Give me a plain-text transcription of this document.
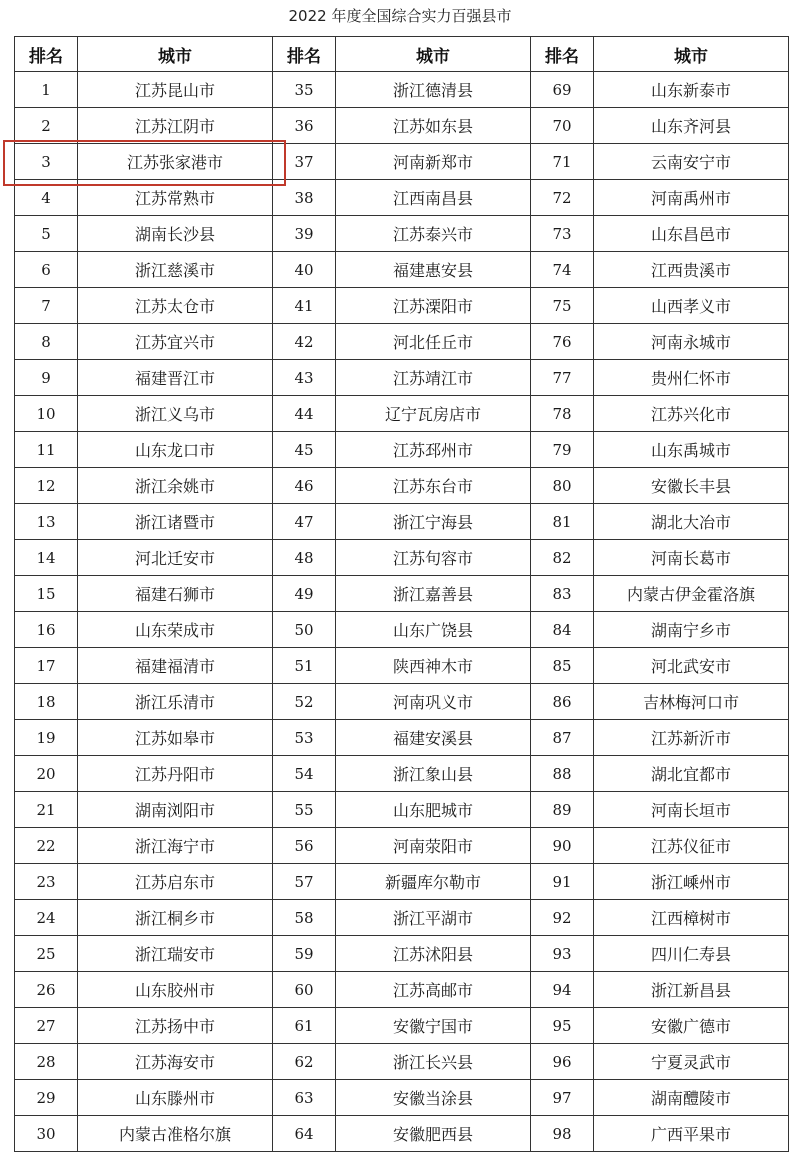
2022 年度全国综合实力百强县市
排名	城市	排名	城市	排名	城市
1	江苏昆山市	35	浙江德清县	69	山东新泰市
2	江苏江阴市	36	江苏如东县	70	山东齐河县
3	江苏张家港市	37	河南新郑市	71	云南安宁市
4	江苏常熟市	38	江西南昌县	72	河南禹州市
5	湖南长沙县	39	江苏泰兴市	73	山东昌邑市
6	浙江慈溪市	40	福建惠安县	74	江西贵溪市
7	江苏太仓市	41	江苏溧阳市	75	山西孝义市
8	江苏宜兴市	42	河北任丘市	76	河南永城市
9	福建晋江市	43	江苏靖江市	77	贵州仁怀市
10	浙江义乌市	44	辽宁瓦房店市	78	江苏兴化市
11	山东龙口市	45	江苏邳州市	79	山东禹城市
12	浙江余姚市	46	江苏东台市	80	安徽长丰县
13	浙江诸暨市	47	浙江宁海县	81	湖北大冶市
14	河北迁安市	48	江苏句容市	82	河南长葛市
15	福建石狮市	49	浙江嘉善县	83	内蒙古伊金霍洛旗
16	山东荣成市	50	山东广饶县	84	湖南宁乡市
17	福建福清市	51	陕西神木市	85	河北武安市
18	浙江乐清市	52	河南巩义市	86	吉林梅河口市
19	江苏如皋市	53	福建安溪县	87	江苏新沂市
20	江苏丹阳市	54	浙江象山县	88	湖北宜都市
21	湖南浏阳市	55	山东肥城市	89	河南长垣市
22	浙江海宁市	56	河南荥阳市	90	江苏仪征市
23	江苏启东市	57	新疆库尔勒市	91	浙江嵊州市
24	浙江桐乡市	58	浙江平湖市	92	江西樟树市
25	浙江瑞安市	59	江苏沭阳县	93	四川仁寿县
26	山东胶州市	60	江苏高邮市	94	浙江新昌县
27	江苏扬中市	61	安徽宁国市	95	安徽广德市
28	江苏海安市	62	浙江长兴县	96	宁夏灵武市
29	山东滕州市	63	安徽当涂县	97	湖南醴陵市
30	内蒙古准格尔旗	64	安徽肥西县	98	广西平果市
